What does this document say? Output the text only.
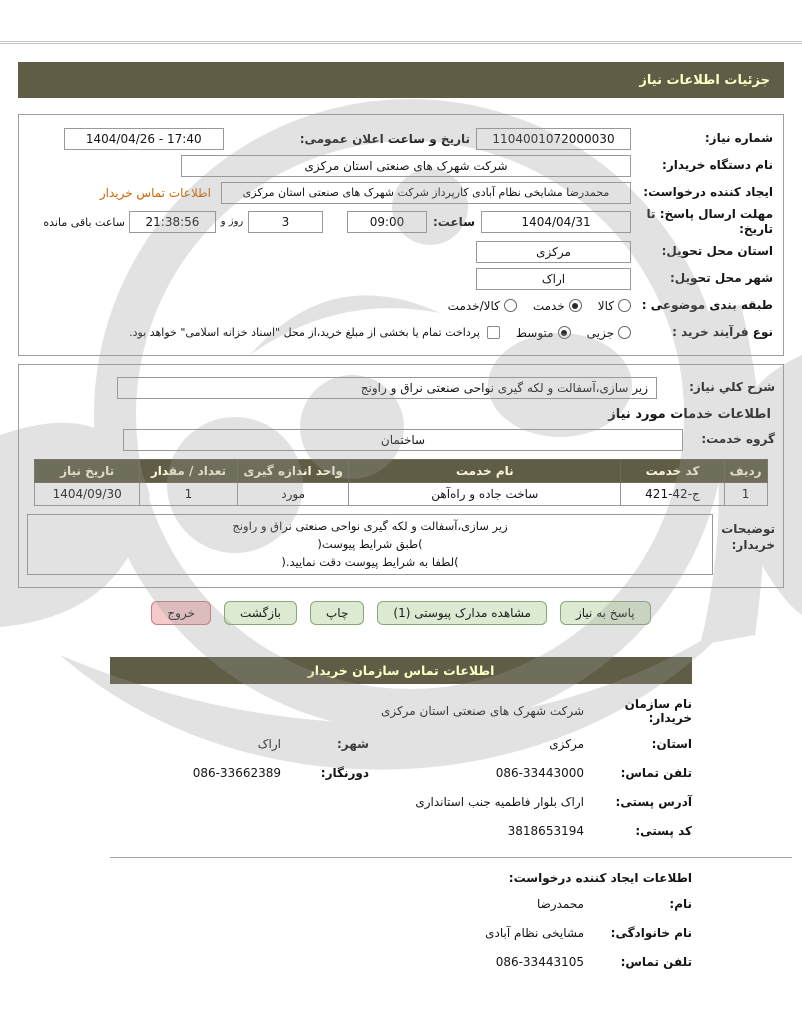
جزئیات اطلاعات نیاز
شماره نیاز:
1104001072000030
تاریخ و ساعت اعلان عمومی:
1404/04/26 - 17:40
نام دستگاه خریدار:
شرکت شهرک های صنعتی استان مرکزی
ایجاد کننده درخواست:
محمدرضا مشایخی نظام آبادی کارپرداز شرکت شهرک های صنعتی استان مرکزی
اطلاعات تماس خریدار
مهلت ارسال پاسخ: تا تاریخ:
1404/04/31
ساعت:
09:00
3
روز و
21:38:56
ساعت باقی مانده
استان محل تحویل:
مرکزی
شهر محل تحویل:
اراک
طبقه بندی موضوعی :
کالا
خدمت
کالا/خدمت
نوع فرآیند خرید :
جزیی
متوسط
پرداخت تمام یا بخشی از مبلغ خرید،از محل "اسناد خزانه اسلامی" خواهد بود.
شرح كلي نياز:
زیر سازی،آسفالت و لکه گیری نواحی صنعتی نراق و راونج
اطلاعات خدمات مورد نياز
گروه خدمت:
ساختمان
ردیف	کد خدمت	نام خدمت	واحد اندازه گیری	تعداد / مقدار	تاریخ نیاز
1	ج-42-421	ساخت جاده و راه‌آهن	مورد	1	1404/09/30
توضیحات خریدار:
زیر سازی،آسفالت و لکه گیری نواحی صنعتی نراق و راونج
)طبق شرایط پیوست(
)لطفا به شرایط پیوست دقت نمایید.(
پاسخ به نیاز
مشاهده مدارک پیوستی (1)
چاپ
بازگشت
خروج
اطلاعات تماس سازمان خریدار
نام سازمان خریدار:
شرکت شهرک های صنعتی استان مرکزی
استان:
مرکزی
شهر:
اراک
تلفن تماس:
086-33443000
دورنگار:
086-33662389
آدرس پستی:
اراک بلوار فاطمیه جنب استانداری
کد پستی:
3818653194
اطلاعات ایجاد کننده درخواست:
نام:
محمدرضا
نام خانوادگی:
مشایخی نظام آبادی
تلفن تماس:
086-33443105
